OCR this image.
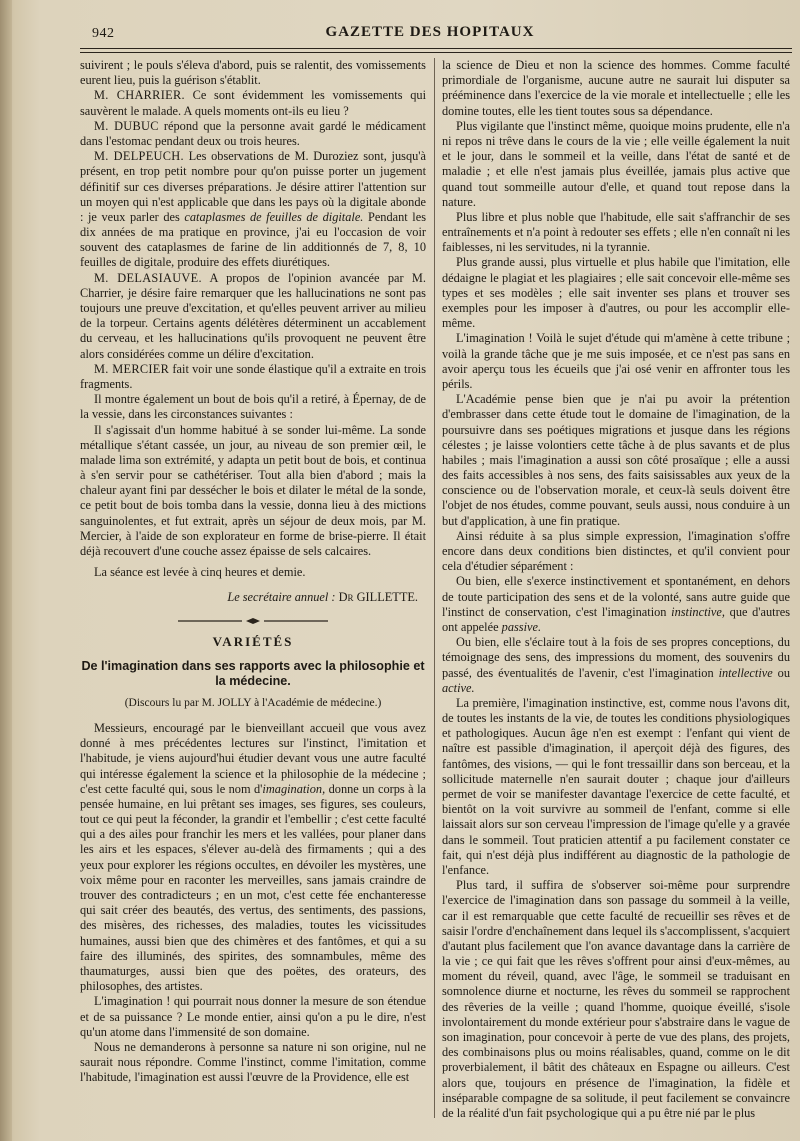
942	GAZETTE DES HOPITAUX

suivirent ; le pouls s'éleva d'abord, puis se ralentit, des vomissements eurent lieu, puis la guérison s'établit.

M. CHARRIER. Ce sont évidemment les vomissements qui sauvèrent le malade. A quels moments ont-ils eu lieu ?

M. DUBUC répond que la personne avait gardé le médicament dans l'estomac pendant deux ou trois heures.

M. DELPEUCH. Les observations de M. Duroziez sont, jusqu'à présent, en trop petit nombre pour qu'on puisse porter un jugement définitif sur ces diverses préparations. Je désire attirer l'attention sur un moyen qui n'est applicable que dans les pays où la digitale abonde : je veux parler des cataplasmes de feuilles de digitale. Pendant les dix années de ma pratique en province, j'ai eu l'occasion de voir souvent des cataplasmes de farine de lin additionnés de 7, 8, 10 feuilles de digitale, produire des effets diurétiques.

M. DELASIAUVE. A propos de l'opinion avancée par M. Charrier, je désire faire remarquer que les hallucinations ne sont pas toujours une preuve d'excitation, et qu'elles peuvent arriver au milieu de la torpeur. Certains agents délétères déterminent un accablement du cerveau, et les hallucinations qu'ils provoquent ne peuvent être alors considérées comme un délire d'excitation.

M. MERCIER fait voir une sonde élastique qu'il a extraite en trois fragments.

Il montre également un bout de bois qu'il a retiré, à Épernay, de de la vessie, dans les circonstances suivantes :

Il s'agissait d'un homme habitué à se sonder lui-même. La sonde métallique s'étant cassée, un jour, au niveau de son premier œil, le malade lima son extrémité, y adapta un petit bout de bois, et continua à s'en servir pour se cathétériser. Tout alla bien d'abord ; mais la chaleur ayant fini par dessécher le bois et dilater le métal de la sonde, ce petit bout de bois tomba dans la vessie, donna lieu à des mictions sanguinolentes, et fut extrait, après un séjour de deux mois, par M. Mercier, à l'aide de son explorateur en forme de brise-pierre. Il était déjà recouvert d'une couche assez épaisse de sels calcaires.

La séance est levée à cinq heures et demie.

Le secrétaire annuel : Dr GILLETTE.

VARIÉTÉS
De l'imagination dans ses rapports avec la philosophie et la médecine.
(Discours lu par M. JOLLY à l'Académie de médecine.)

Messieurs, encouragé par le bienveillant accueil que vous avez donné à mes précédentes lectures sur l'instinct, l'imitation et l'habitude, je viens aujourd'hui étudier devant vous une autre faculté qui intéresse également la science et la philosophie de la médecine ; c'est cette faculté qui, sous le nom d'imagination, donne un corps à la pensée humaine, en lui prêtant ses images, ses figures, ses couleurs, tout ce qui peut la féconder, la grandir et l'embellir ; c'est cette faculté qui a des ailes pour franchir les mers et les vallées, pour planer dans les airs et les espaces, s'élever au-delà des firmaments ; qui a des yeux pour explorer les régions occultes, en dévoiler les mystères, une voix même pour en raconter les merveilles, sans jamais craindre de trouver des contradicteurs ; en un mot, c'est cette fée enchanteresse qui sait créer des beautés, des vertus, des sentiments, des passions, des misères, des richesses, des maladies, toutes les vicissitudes humaines, aussi bien que des chimères et des fantômes, et qui a su faire des illuminés, des spirites, des somnambules, même des thaumaturges, aussi bien que des poëtes, des orateurs, des philosophes, des artistes.

L'imagination ! qui pourrait nous donner la mesure de son étendue et de sa puissance ? Le monde entier, ainsi qu'on a pu le dire, n'est qu'un atome dans l'immensité de son domaine.

Nous ne demanderons à personne sa nature ni son origine, nul ne saurait nous répondre. Comme l'instinct, comme l'imitation, comme l'habitude, l'imagination est aussi l'œuvre de la Providence, elle est

la science de Dieu et non la science des hommes. Comme faculté primordiale de l'organisme, aucune autre ne saurait lui disputer sa prééminence dans l'exercice de la vie morale et intellectuelle ; elle les domine toutes, elle les tient toutes sous sa dépendance.

Plus vigilante que l'instinct même, quoique moins prudente, elle n'a ni repos ni trêve dans le cours de la vie ; elle veille également la nuit et le jour, dans le sommeil et la veille, dans l'état de santé et de maladie ; et elle n'est jamais plus éveillée, jamais plus active que quand tout sommeille autour d'elle, et quand tout repose dans la nature.

Plus libre et plus noble que l'habitude, elle sait s'affranchir de ses entraînements et n'a point à redouter ses effets ; elle n'en connaît ni les faiblesses, ni les servitudes, ni la tyrannie.

Plus grande aussi, plus virtuelle et plus habile que l'imitation, elle dédaigne le plagiat et les plagiaires ; elle sait concevoir elle-même ses types et ses modèles ; elle sait inventer ses plans et trouver ses exemples pour les imposer à d'autres, ou pour les accomplir elle-même.

L'imagination ! Voilà le sujet d'étude qui m'amène à cette tribune ; voilà la grande tâche que je me suis imposée, et ce n'est pas sans en avoir aperçu tous les écueils que j'ai osé venir en affronter tous les périls.

L'Académie pense bien que je n'ai pu avoir la prétention d'embrasser dans cette étude tout le domaine de l'imagination, de la poursuivre dans ses poétiques migrations et jusque dans les régions célestes ; je laisse volontiers cette tâche à de plus savants et de plus habiles ; mais l'imagination a aussi son côté prosaïque ; elle a aussi des faits accessibles à nos sens, des faits saisissables aux yeux de la conscience ou de l'observation morale, et ceux-là seuls doivent être l'objet de nos études, comme pouvant, seuls aussi, nous conduire à un but d'application, à une fin pratique.

Ainsi réduite à sa plus simple expression, l'imagination s'offre encore dans deux conditions bien distinctes, et qu'il convient pour cela d'étudier séparément :

Ou bien, elle s'exerce instinctivement et spontanément, en dehors de toute participation des sens et de la volonté, sans autre guide que l'instinct de conservation, c'est l'imagination instinctive, que d'autres ont appelée passive.

Ou bien, elle s'éclaire tout à la fois de ses propres conceptions, du témoignage des sens, des impressions du moment, des souvenirs du passé, des éventualités de l'avenir, c'est l'imagination intellective ou active.

La première, l'imagination instinctive, est, comme nous l'avons dit, de toutes les instants de la vie, de toutes les conditions physiologiques et pathologiques. Aucun âge n'en est exempt : l'enfant qui vient de naître est passible d'imagination, il aperçoit déjà des figures, des fantômes, des visions, — qui le font tressaillir dans son berceau, et la sollicitude maternelle n'en saurait douter ; chaque jour d'ailleurs permet de voir se manifester davantage l'exercice de cette faculté, et bientôt on la voit survivre au sommeil de l'enfant, comme si elle laissait alors sur son cerveau l'impression de l'image qu'elle y a gravée dans le sommeil. Tout praticien attentif a pu facilement constater ce fait, qui n'est déjà plus indifférent au diagnostic de la pathologie de l'enfance.

Plus tard, il suffira de s'observer soi-même pour surprendre l'exercice de l'imagination dans son passage du sommeil à la veille, car il est remarquable que cette faculté de recueillir ses rêves et de saisir l'ordre d'enchaînement dans lequel ils s'accomplissent, s'acquiert d'autant plus facilement que l'on avance davantage dans la carrière de la vie ; ce qui fait que les rêves s'offrent pour ainsi d'eux-mêmes, au moment du réveil, quand, avec l'âge, le sommeil se traduisant en somnolence diurne et nocturne, les rêves du sommeil se rapprochent des rêveries de la veille ; quand l'homme, quoique éveillé, s'isole involontairement du monde extérieur pour s'abstraire dans le vague de son imagination, pour concevoir à perte de vue des plans, des projets, des combinaisons plus ou moins réalisables, quand, comme on le dit proverbialement, il bâtit des châteaux en Espagne ou ailleurs. C'est alors que, toujours en présence de l'imagination, la fidèle et inséparable compagne de sa solitude, il peut facilement se convaincre de la réalité d'un fait psychologique qui a pu être nié par le plus
